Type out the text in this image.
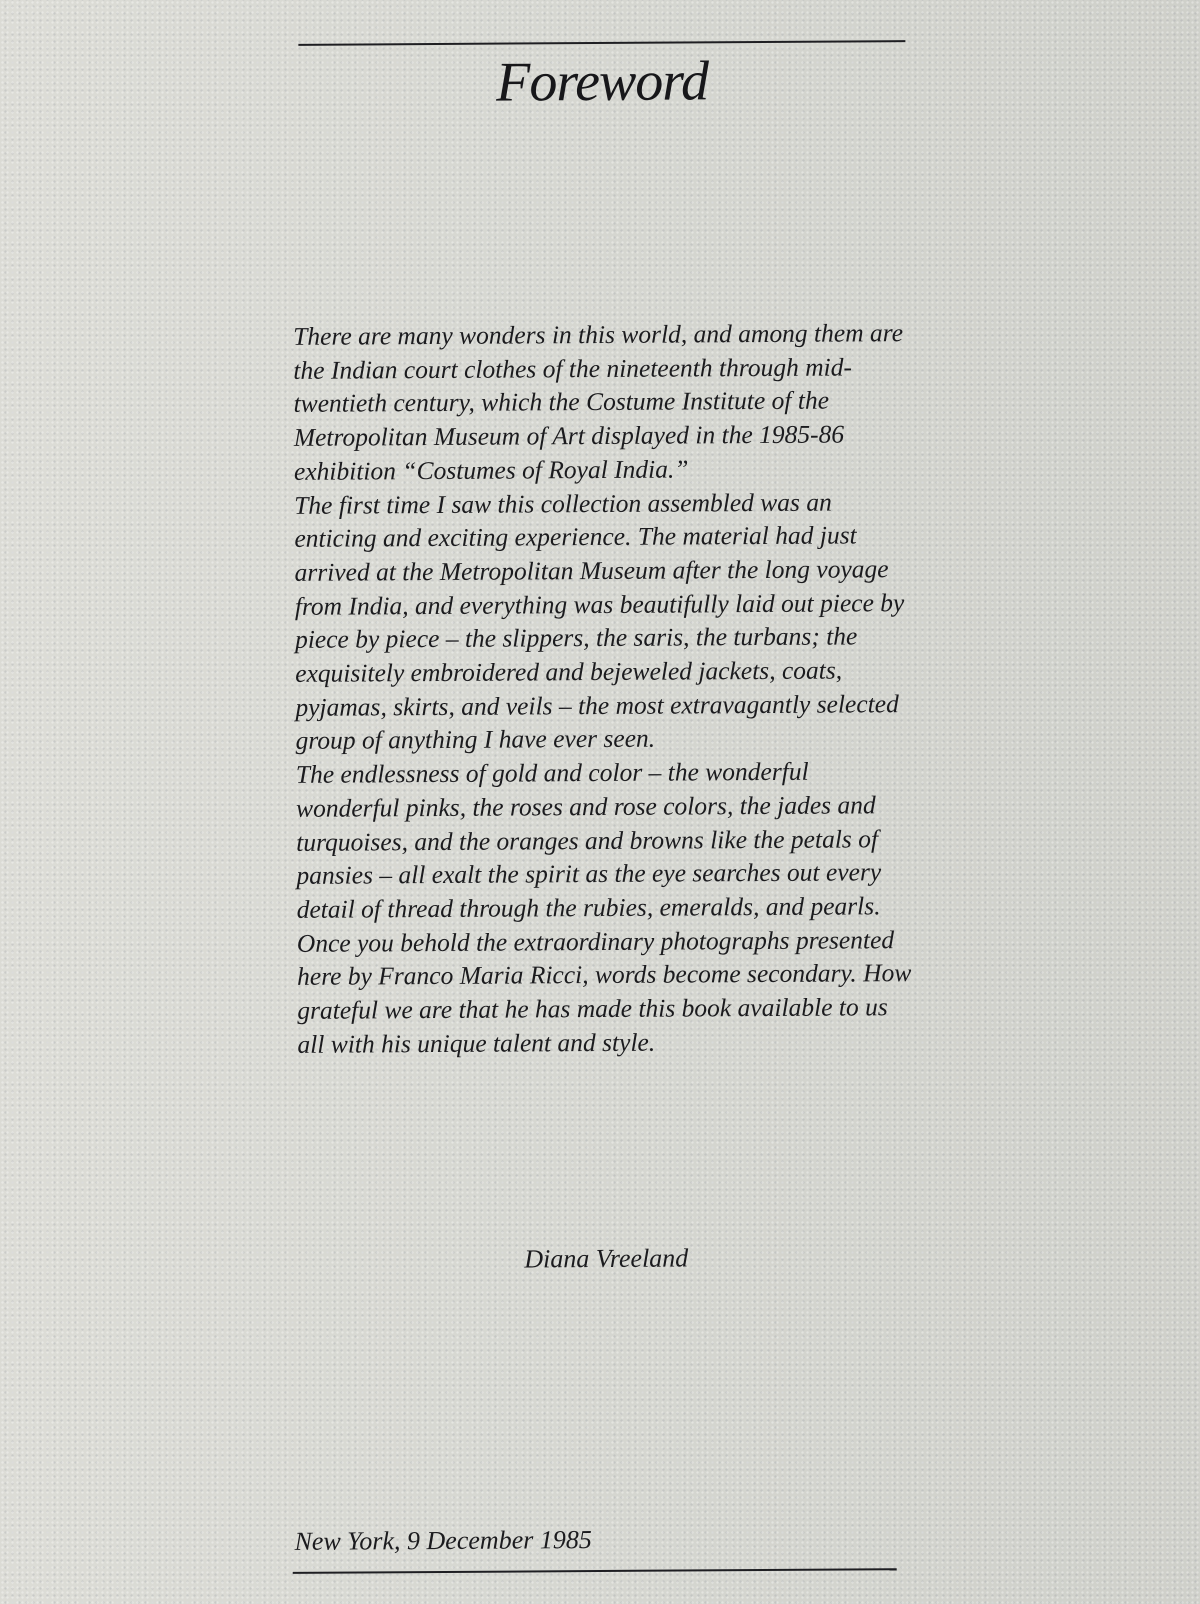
Foreword

There are many wonders in this world, and among them are the Indian court clothes of the nineteenth through mid-twentieth century, which the Costume Institute of the Metropolitan Museum of Art displayed in the 1985-86 exhibition “Costumes of Royal India.”

The first time I saw this collection assembled was an enticing and exciting experience. The material had just arrived at the Metropolitan Museum after the long voyage from India, and everything was beautifully laid out piece by piece by piece – the slippers, the saris, the turbans; the exquisitely embroidered and bejeweled jackets, coats, pyjamas, skirts, and veils – the most extravagantly selected group of anything I have ever seen.

The endlessness of gold and color – the wonderful wonderful pinks, the roses and rose colors, the jades and turquoises, and the oranges and browns like the petals of pansies – all exalt the spirit as the eye searches out every detail of thread through the rubies, emeralds, and pearls.

Once you behold the extraordinary photographs presented here by Franco Maria Ricci, words become secondary. How grateful we are that he has made this book available to us all with his unique talent and style.

Diana Vreeland
New York, 9 December 1985
